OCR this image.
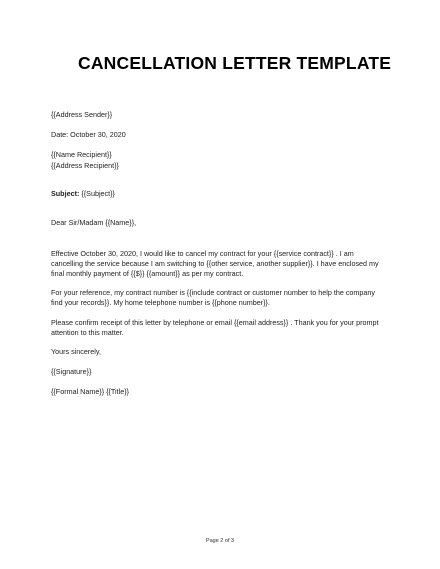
CANCELLATION LETTER TEMPLATE
{{Address Sender}}
Date: October 30, 2020
{{Name Recipient}}
{{Address Recipient}}
Subject: {{Subject}}
Dear Sir/Madam {{Name}},
Effective October 30, 2020, I would like to cancel my contract for your {{service contract}} . I am
cancelling the service because I am switching to {{other service, another supplier}}. I have enclosed my
final monthly payment of {{$}} {{amount}} as per my contract.
For your reference, my contract number is {{include contract or customer number to help the company
find your records}}. My home telephone number is {{phone number}}.
Please confirm receipt of this letter by telephone or email {{email address}} . Thank you for your prompt
attention to this matter.
Yours sincerely,
{{Signature}}
{{Formal Name}} {{Title}}
Page 2 of 3
